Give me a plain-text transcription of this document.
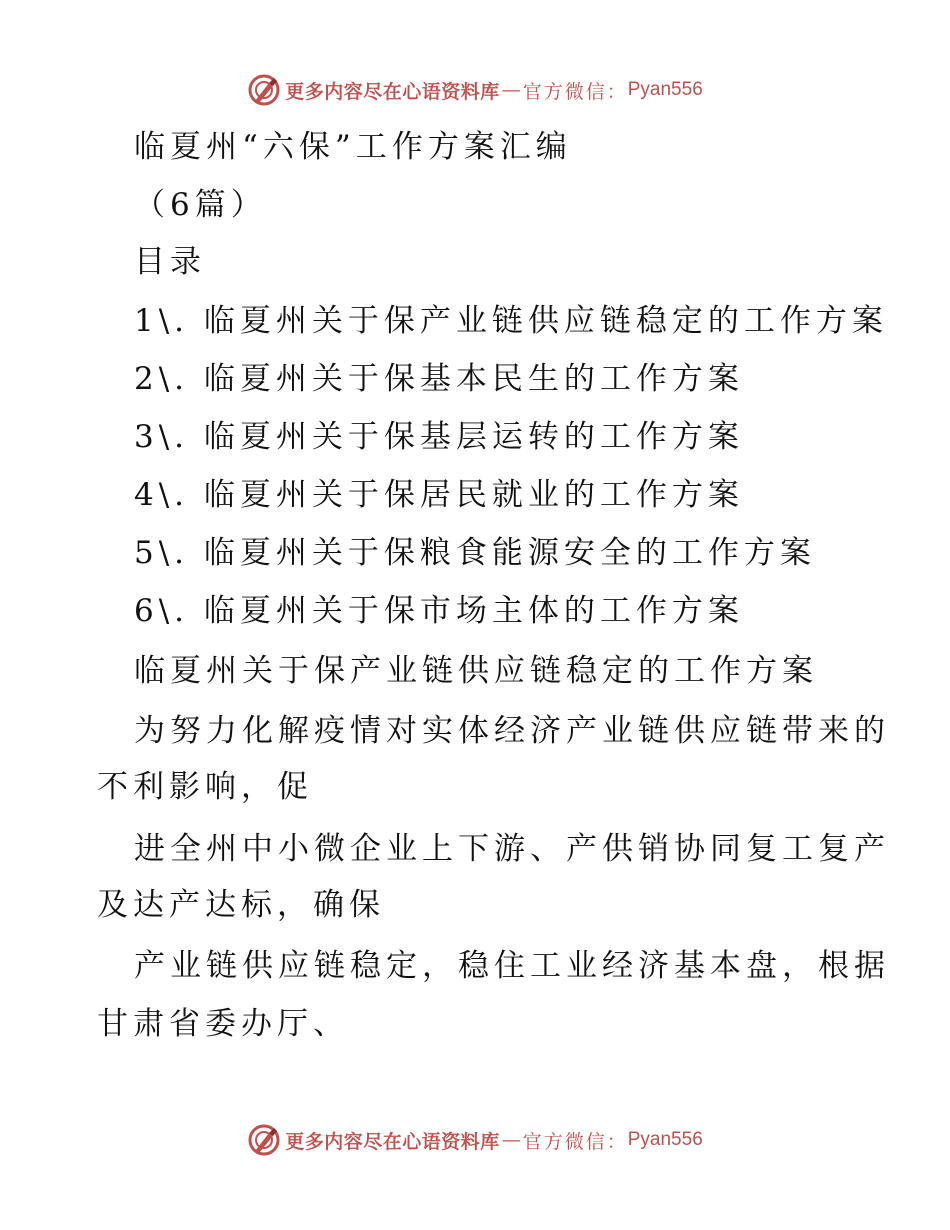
更多内容尽在心语资料库 — 官方微信： Pyan556
临夏州“六保”工作方案汇编
（6篇）
目录
1\. 临夏州关于保产业链供应链稳定的工作方案
2\. 临夏州关于保基本民生的工作方案
3\. 临夏州关于保基层运转的工作方案
4\. 临夏州关于保居民就业的工作方案
5\. 临夏州关于保粮食能源安全的工作方案
6\. 临夏州关于保市场主体的工作方案
临夏州关于保产业链供应链稳定的工作方案
为努力化解疫情对实体经济产业链供应链带来的
不利影响，促
进全州中小微企业上下游、产供销协同复工复产
及达产达标，确保
产业链供应链稳定，稳住工业经济基本盘，根据
甘肃省委办厅、
更多内容尽在心语资料库 — 官方微信： Pyan556
